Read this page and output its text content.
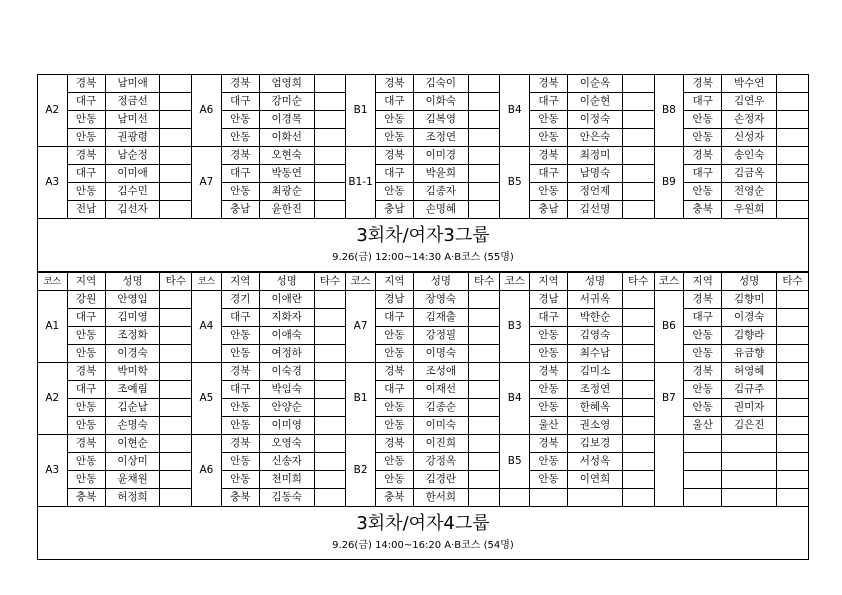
A2	경북	남미애		A6	경북	엄영희		B1	경북	김숙이		B4	경북	이순옥		B8	경북	박수연	
	대구	정금선			대구	강미순			대구	이화숙			대구	이순현			대구	김연우	
	안동	남미선			안동	이경목			안동	김복영			안동	이정숙			안동	손정자	
	안동	권광령			안동	이화선			안동	조정연			안동	안은숙			안동	신성자	
A3	경북	남순정		A7	경북	오현숙		B1-1	경북	이미경		B5	경북	최정미		B9	경북	송인숙	
	대구	이미애			대구	박동연			대구	박윤희			대구	남명숙			대구	김금옥	
	안동	김수민			안동	최광순			안동	김종자			안동	정언제			안동	전영순	
	전남	김선자			충남	윤한진			충남	손명혜			충남	김선명			충북	우원희	
3회차/여자3그룹
9.26(금) 12:00~14:30 A·B코스 (55명)
코스	지역	성명	타수	코스	지역	성명	타수	코스	지역	성명	타수	코스	지역	성명	타수	코스	지역	성명	타수
A1	강원	안영임		A4	경기	이애란		A7	경남	장영숙		B3	경남	서귀옥		B6	경북	김향미	
	대구	김미영			대구	지화자			대구	김재출			대구	박한순			대구	이경숙	
	안동	조정화			안동	이애숙			안동	강정필			안동	김영숙			안동	김향라	
	안동	이경숙			안동	여정하			안동	이명숙			안동	최수남			안동	유금향	
A2	경북	박미학		A5	경북	이숙경		B1	경북	조성애		B4	경북	김미소		B7	경북	허영혜	
	대구	조예림			대구	박임숙			대구	이재선			안동	조정연			안동	김규주	
	안동	김순남			안동	안양순			안동	김종순			안동	한혜옥			안동	권미자	
	안동	손명숙			안동	이미영			안동	이미숙			울산	권소영			울산	김은진	
A3	경북	이현순		A6	경북	오영숙		B2	경북	이진희		B5	경북	김보경					
	안동	이상미			안동	신송자			안동	강정옥			안동	서성옥					
	안동	윤채원			안동	천미희			안동	김경란			안동	이연희					
	충북	허정희			충북	김동숙			충북	한서희									
3회차/여자4그룹
9.26(금) 14:00~16:20 A·B코스 (54명)
